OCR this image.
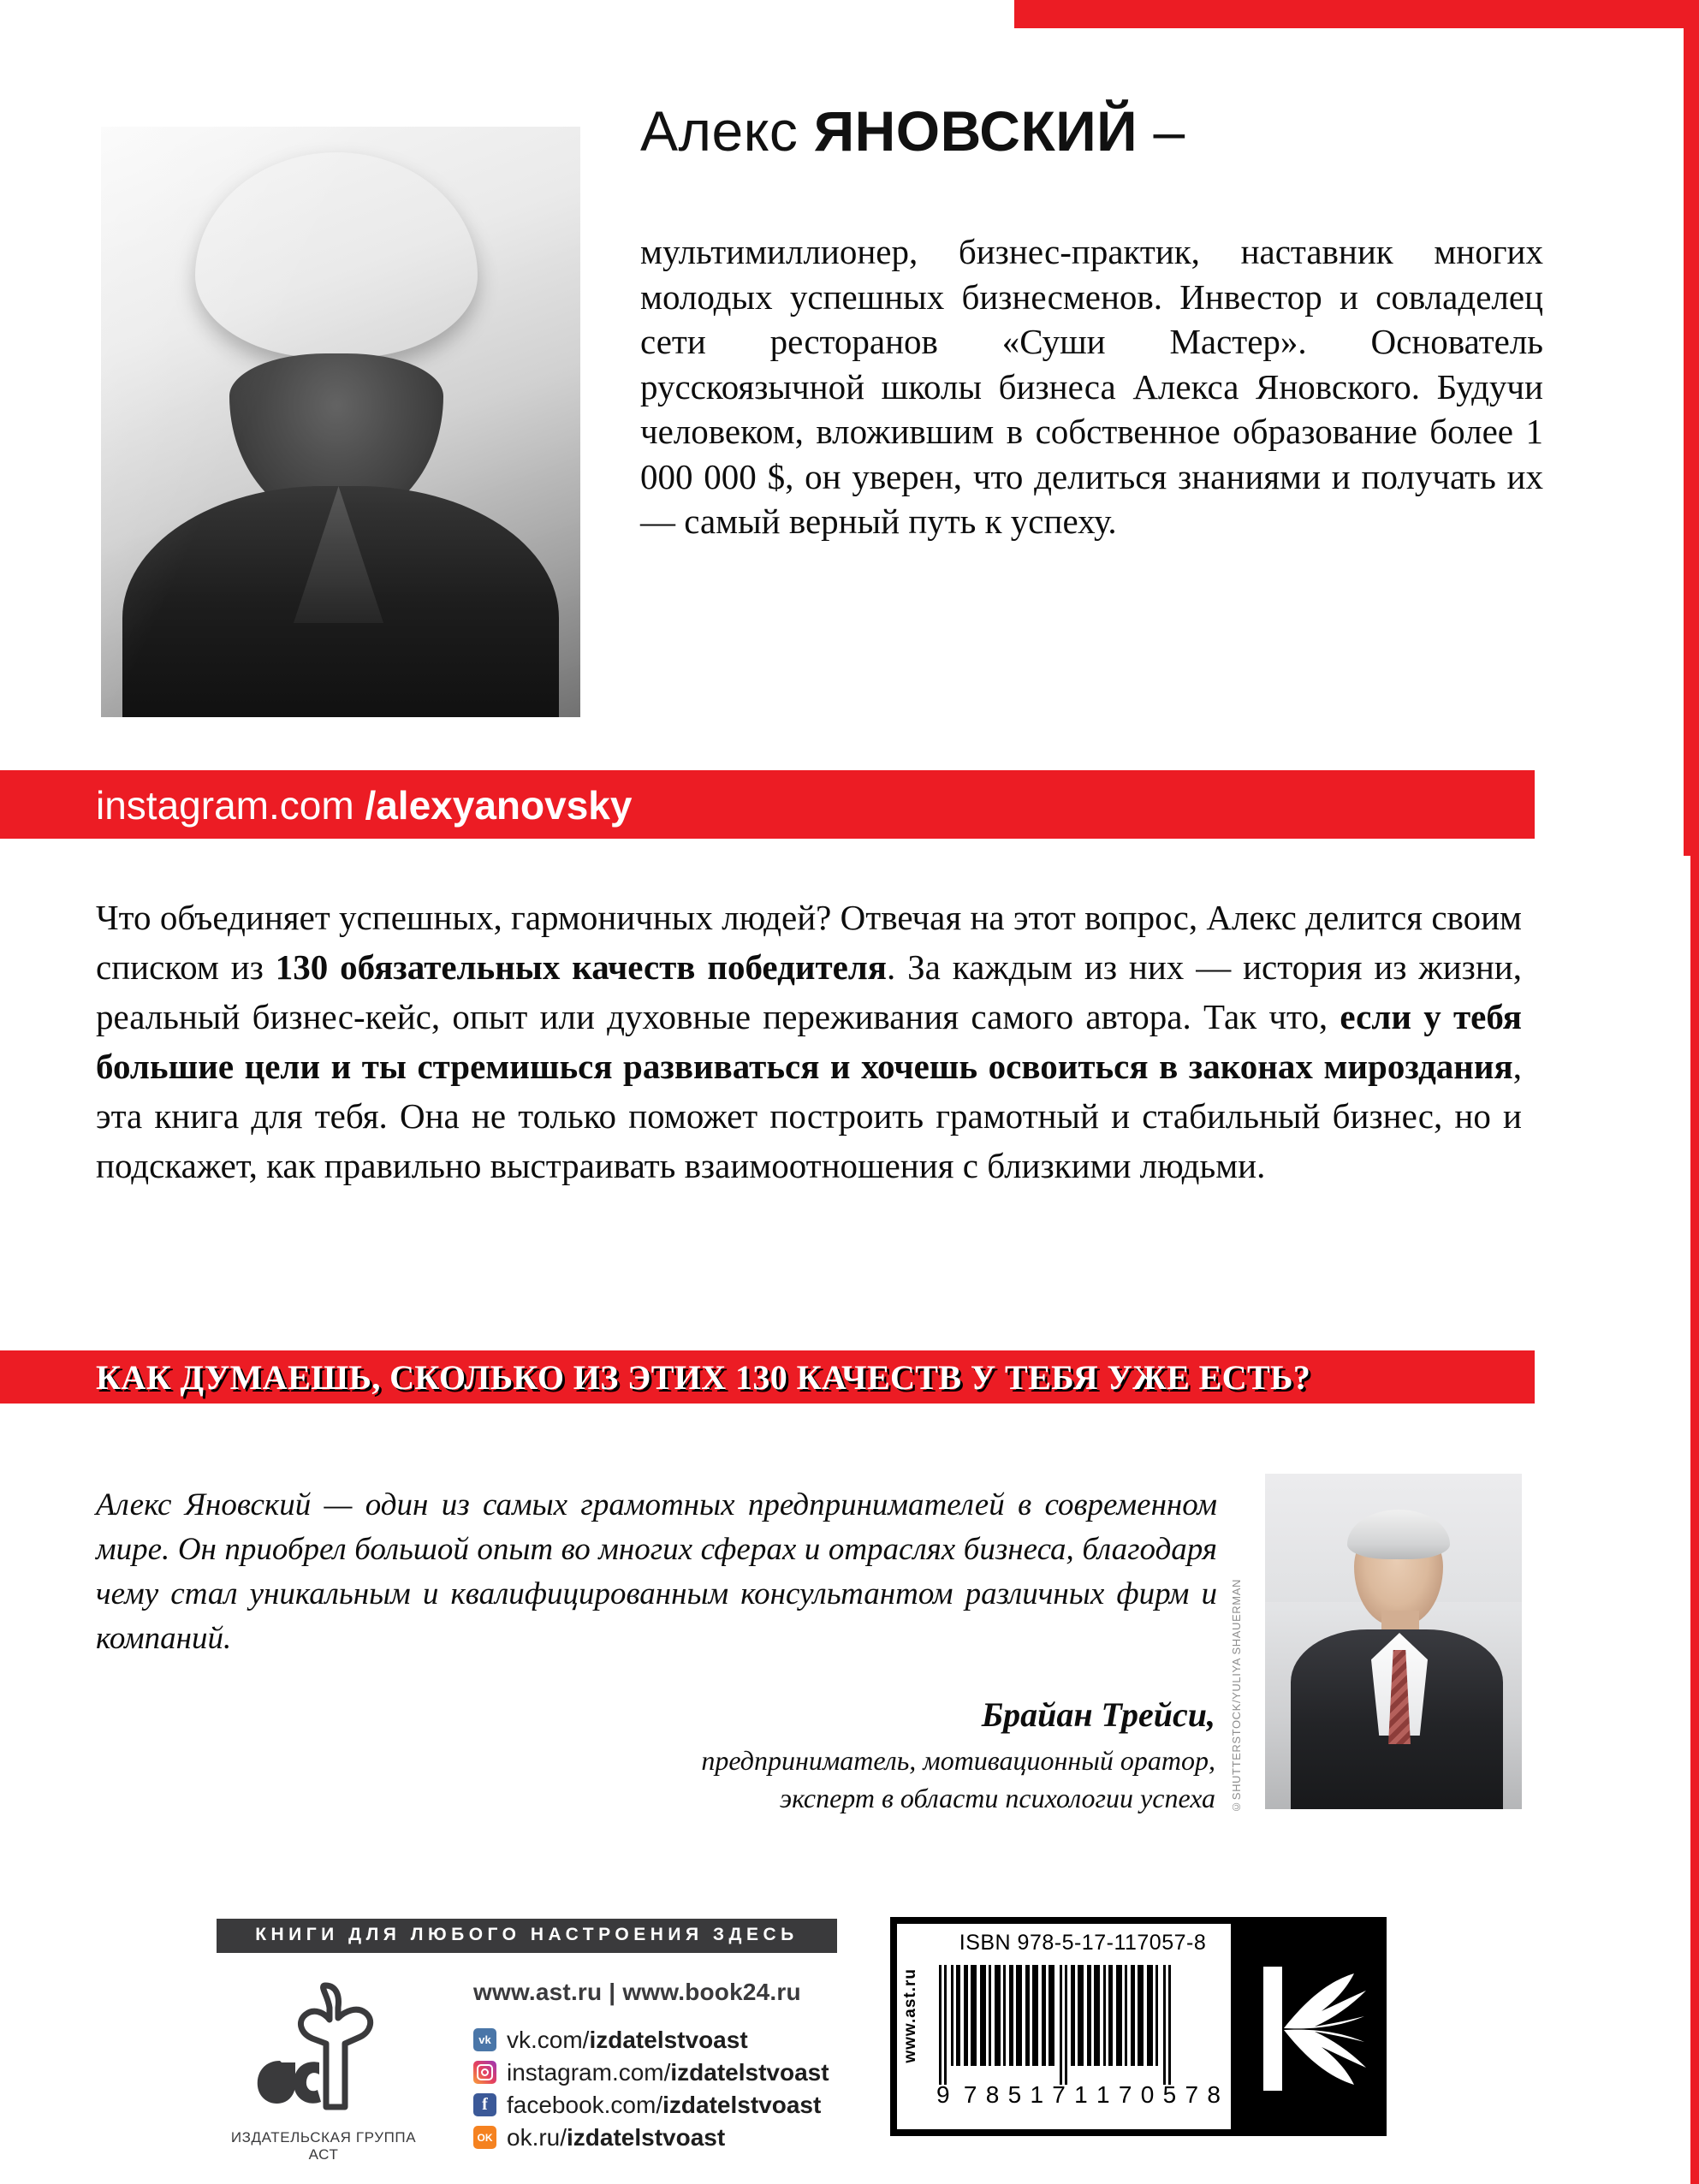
Алекс ЯНОВСКИЙ –

мультимиллионер, бизнес-практик, наставник многих молодых успешных бизнесменов. Инвестор и совладелец сети ресторанов «Суши Мастер». Основатель русскоязычной школы бизнеса Алекса Яновского. Будучи человеком, вложившим в собственное образование более 1 000 000 $, он уверен, что делиться знаниями и получать их — самый верный путь к успеху.

instagram.com /alexyanovsky
Что объединяет успешных, гармоничных людей? Отвечая на этот вопрос, Алекс делится своим списком из 130 обязательных качеств победителя. За каждым из них — история из жизни, реальный бизнес-кейс, опыт или духовные переживания самого автора. Так что, если у тебя большие цели и ты стремишься развиваться и хочешь освоиться в законах мироздания, эта книга для тебя. Она не только поможет построить грамотный и стабильный бизнес, но и подскажет, как правильно выстраивать взаимоотношения с близкими людьми.
КАК ДУМАЕШЬ, СКОЛЬКО ИЗ ЭТИХ 130 КАЧЕСТВ У ТЕБЯ УЖЕ ЕСТЬ?

Алекс Яновский — один из самых грамотных предпринимателей в современном мире. Он приобрел большой опыт во многих сферах и отраслях бизнеса, благодаря чему стал уникальным и квалифицированным консультантом различных фирм и компаний.

Брайан Трейси,
предприниматель, мотивационный оратор,
эксперт в области психологии успеха ©SHUTTERSTOCK/YULIYA SHAUERMAN
КНИГИ ДЛЯ ЛЮБОГО НАСТРОЕНИЯ ЗДЕСЬ
ИЗДАТЕЛЬСКАЯ ГРУППА АСТ
www.ast.ru | www.book24.ru
vk vk.com/izdatelstvoast
instagram.com/izdatelstvoast
f facebook.com/izdatelstvoast
OK ok.ru/izdatelstvoast
ISBN 978-5-17-117057-8
www.ast.ru
9 7 8 5 1 7 1 1 7 0 5 7 8
